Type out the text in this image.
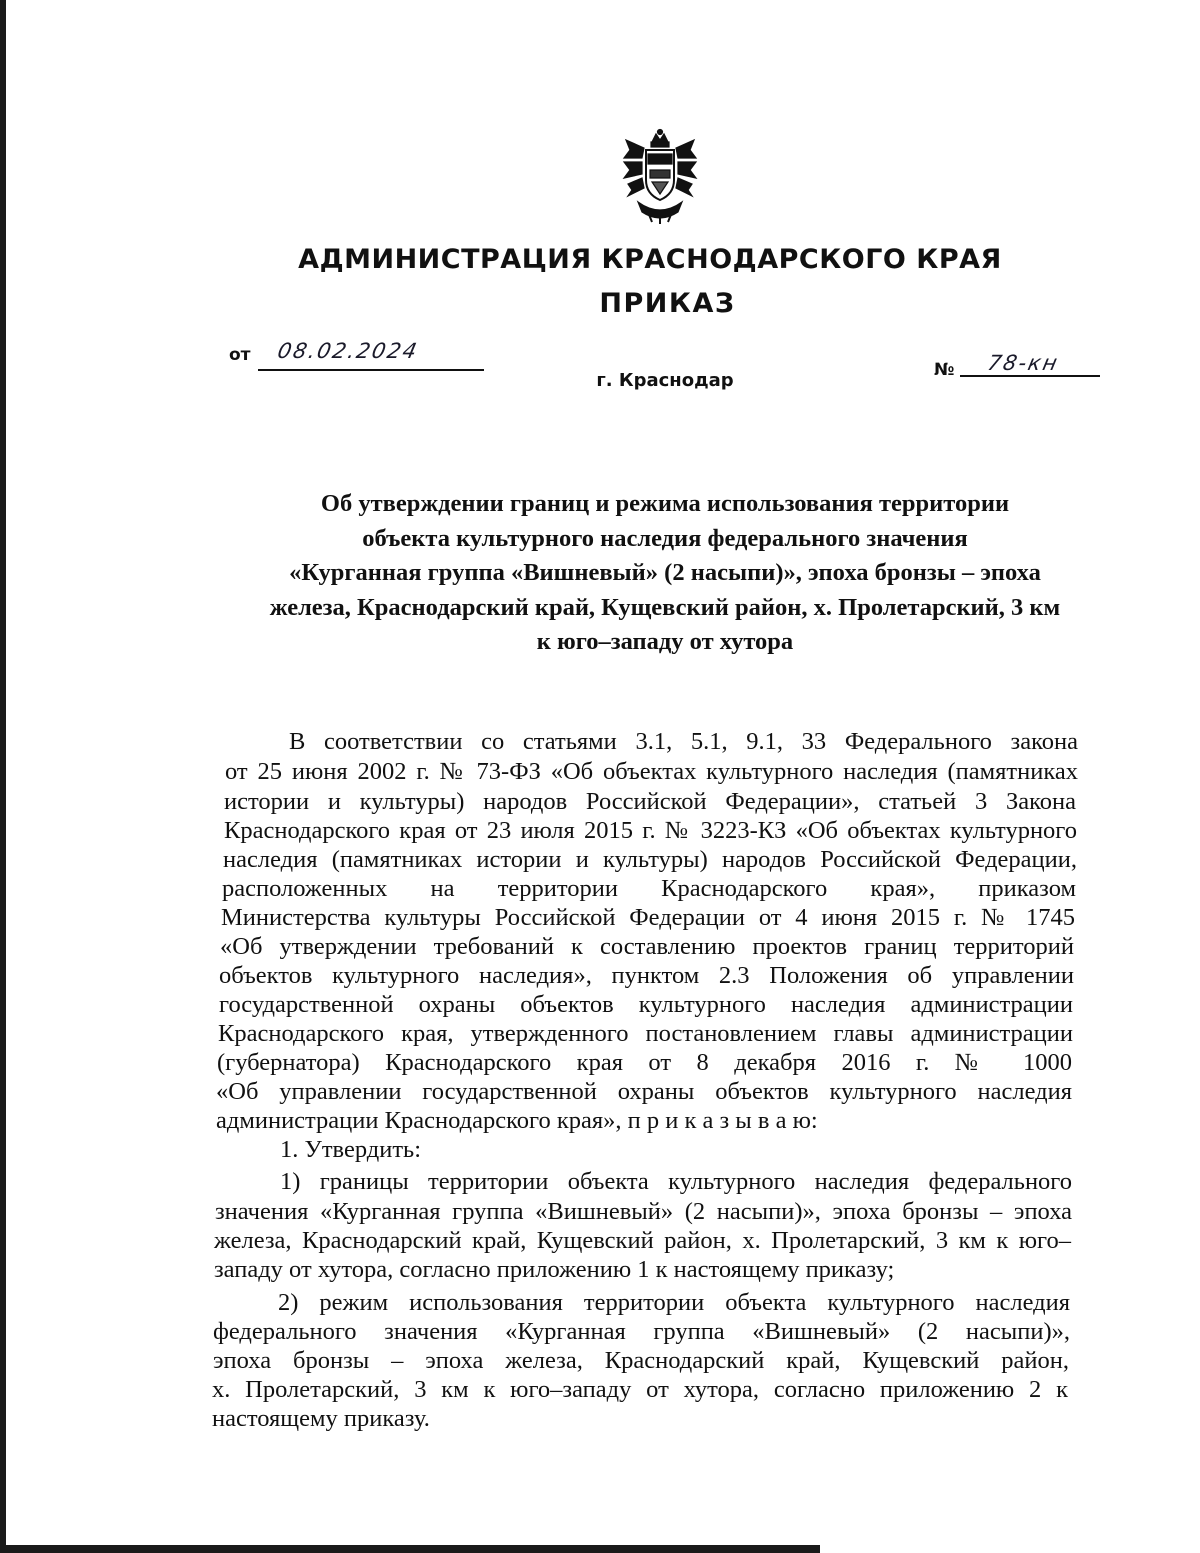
АДМИНИСТРАЦИЯ КРАСНОДАРСКОГО КРАЯ
ПРИКАЗ
от 08.02.2024
г. Краснодар	№ 78-кн
Об утверждении границ и режима использования территории
объекта культурного наследия федерального значения
«Курганная группа «Вишневый» (2 насыпи)», эпоха бронзы – эпоха
железа, Краснодарский край, Кущевский район, х. Пролетарский, 3 км
к юго–западу от хутора
В соответствии со статьями 3.1, 5.1, 9.1, 33 Федерального закона
от 25 июня 2002 г. № 73-ФЗ «Об объектах культурного наследия (памятниках
истории и культуры) народов Российской Федерации», статьей 3 Закона
Краснодарского края от 23 июля 2015 г. № 3223-КЗ «Об объектах культурного
наследия (памятниках истории и культуры) народов Российской Федерации,
расположенных на территории Краснодарского края», приказом
Министерства культуры Российской Федерации от 4 июня 2015 г. № 1745
«Об утверждении требований к составлению проектов границ территорий
объектов культурного наследия», пунктом 2.3 Положения об управлении
государственной охраны объектов культурного наследия администрации
Краснодарского края, утвержденного постановлением главы администрации
(губернатора) Краснодарского края от 8 декабря 2016 г. № 1000
«Об управлении государственной охраны объектов культурного наследия
администрации Краснодарского края», п р и к а з ы в а ю:
1. Утвердить:
1) границы территории объекта культурного наследия федерального
значения «Курганная группа «Вишневый» (2 насыпи)», эпоха бронзы – эпоха
железа, Краснодарский край, Кущевский район, х. Пролетарский, 3 км к юго–
западу от хутора, согласно приложению 1 к настоящему приказу;
2) режим использования территории объекта культурного наследия
федерального значения «Курганная группа «Вишневый» (2 насыпи)»,
эпоха бронзы – эпоха железа, Краснодарский край, Кущевский район,
х. Пролетарский, 3 км к юго–западу от хутора, согласно приложению 2 к
настоящему приказу.
